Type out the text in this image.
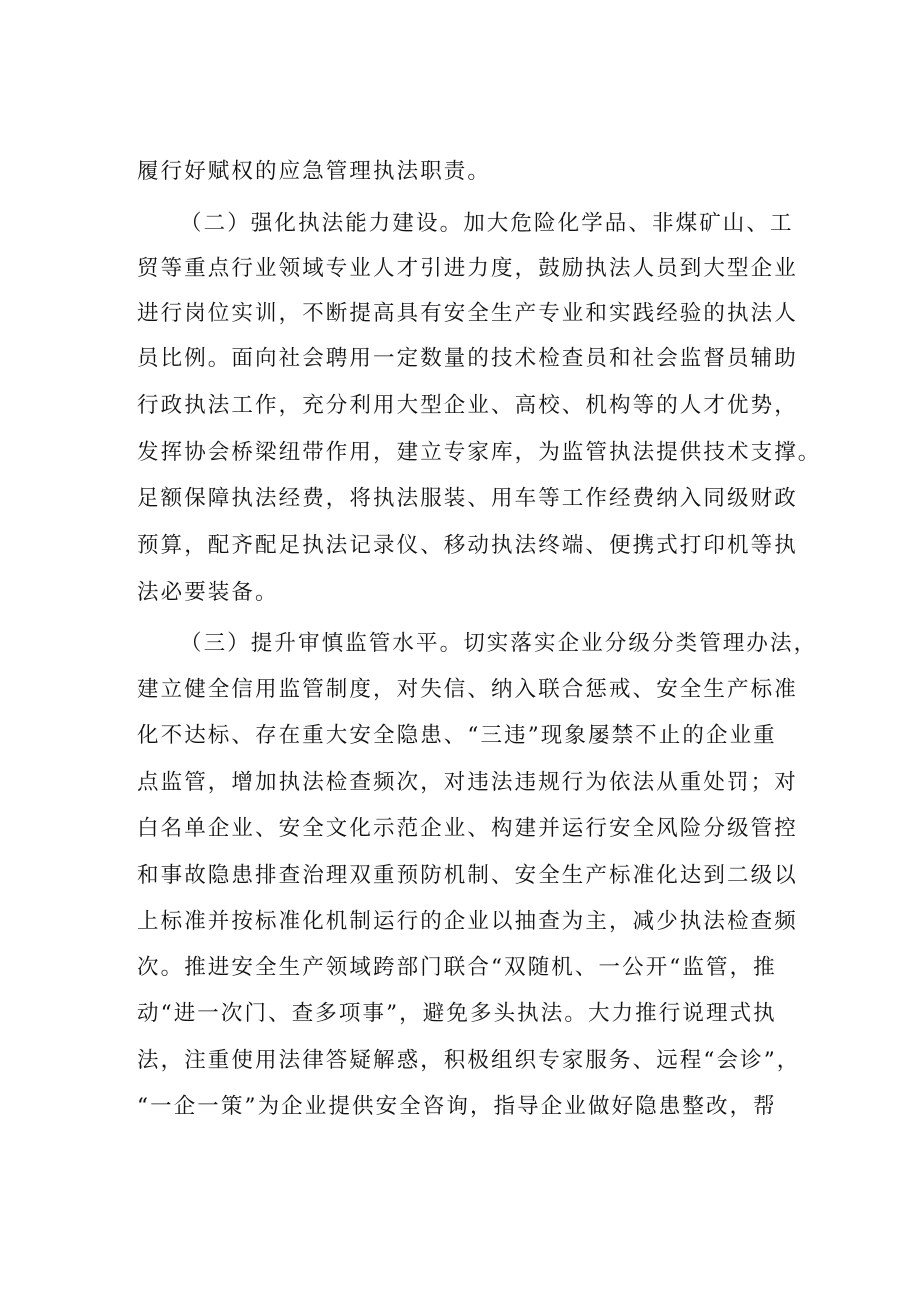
履行好赋权的应急管理执法职责。
（二）强化执法能力建设。加大危险化学品、非煤矿山、工
贸等重点行业领域专业人才引进力度，鼓励执法人员到大型企业
进行岗位实训，不断提高具有安全生产专业和实践经验的执法人
员比例。面向社会聘用一定数量的技术检查员和社会监督员辅助
行政执法工作，充分利用大型企业、高校、机构等的人才优势，
发挥协会桥梁纽带作用，建立专家库，为监管执法提供技术支撑。
足额保障执法经费，将执法服装、用车等工作经费纳入同级财政
预算，配齐配足执法记录仪、移动执法终端、便携式打印机等执
法必要装备。
（三）提升审慎监管水平。切实落实企业分级分类管理办法，
建立健全信用监管制度，对失信、纳入联合惩戒、安全生产标准
化不达标、存在重大安全隐患、“三违”现象屡禁不止的企业重
点监管，增加执法检查频次，对违法违规行为依法从重处罚；对
白名单企业、安全文化示范企业、构建并运行安全风险分级管控
和事故隐患排查治理双重预防机制、安全生产标准化达到二级以
上标准并按标准化机制运行的企业以抽查为主，减少执法检查频
次。推进安全生产领域跨部门联合“双随机、一公开“监管，推
动“进一次门、查多项事”，避免多头执法。大力推行说理式执
法，注重使用法律答疑解惑，积极组织专家服务、远程“会诊”，
“一企一策”为企业提供安全咨询，指导企业做好隐患整改，帮
